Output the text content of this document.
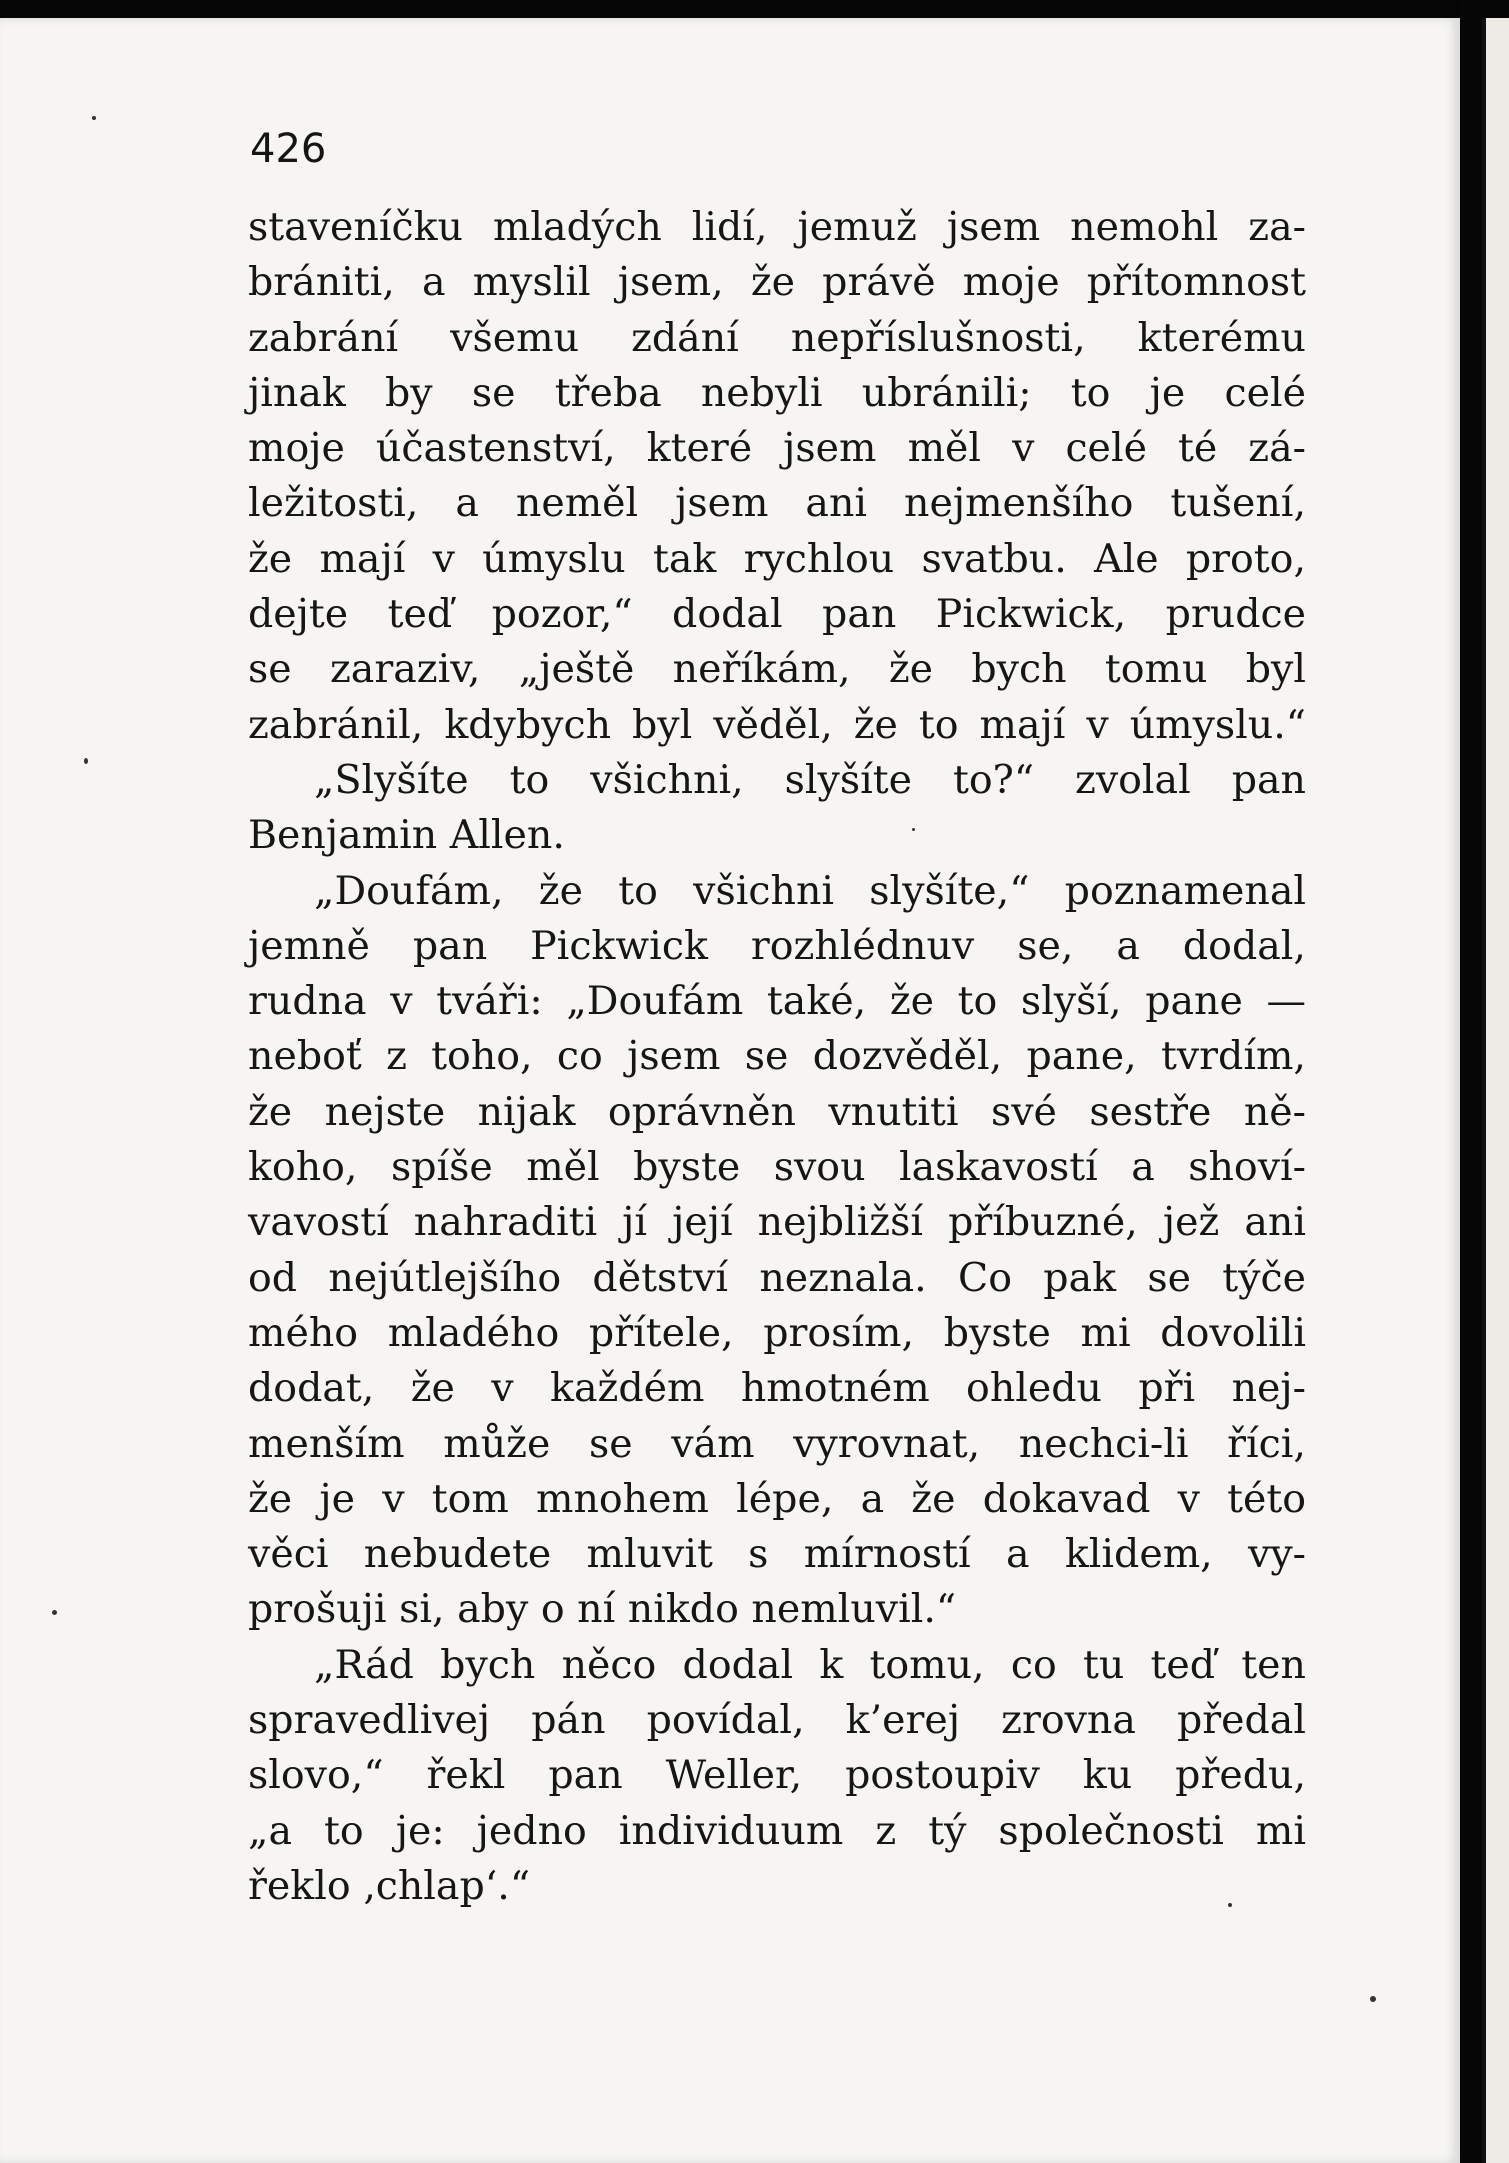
426
staveníčku mladých lidí, jemuž jsem nemohl za-
brániti, a myslil jsem, že právě moje přítomnost
zabrání všemu zdání nepříslušnosti, kterému
jinak by se třeba nebyli ubránili; to je celé
moje účastenství, které jsem měl v celé té zá-
ležitosti, a neměl jsem ani nejmenšího tušení,
že mají v úmyslu tak rychlou svatbu. Ale proto,
dejte teď pozor,“ dodal pan Pickwick, prudce
se zaraziv, „ještě neříkám, že bych tomu byl
zabránil, kdybych byl věděl, že to mají v úmyslu.“
„Slyšíte to všichni, slyšíte to?“ zvolal pan
Benjamin Allen.
„Doufám, že to všichni slyšíte,“ poznamenal
jemně pan Pickwick rozhlédnuv se, a dodal,
rudna v tváři: „Doufám také, že to slyší, pane —
neboť z toho, co jsem se dozvěděl, pane, tvrdím,
že nejste nijak oprávněn vnutiti své sestře ně-
koho, spíše měl byste svou laskavostí a shoví-
vavostí nahraditi jí její nejbližší příbuzné, jež ani
od nejútlejšího dětství neznala. Co pak se týče
mého mladého přítele, prosím, byste mi dovolili
dodat, že v každém hmotném ohledu při nej-
menším může se vám vyrovnat, nechci-li říci,
že je v tom mnohem lépe, a že dokavad v této
věci nebudete mluvit s mírností a klidem, vy-
prošuji si, aby o ní nikdo nemluvil.“
„Rád bych něco dodal k tomu, co tu teď ten
spravedlivej pán povídal, k’erej zrovna předal
slovo,“ řekl pan Weller, postoupiv ku předu,
„a to je: jedno individuum z tý společnosti mi
řeklo ‚chlap‘.“
